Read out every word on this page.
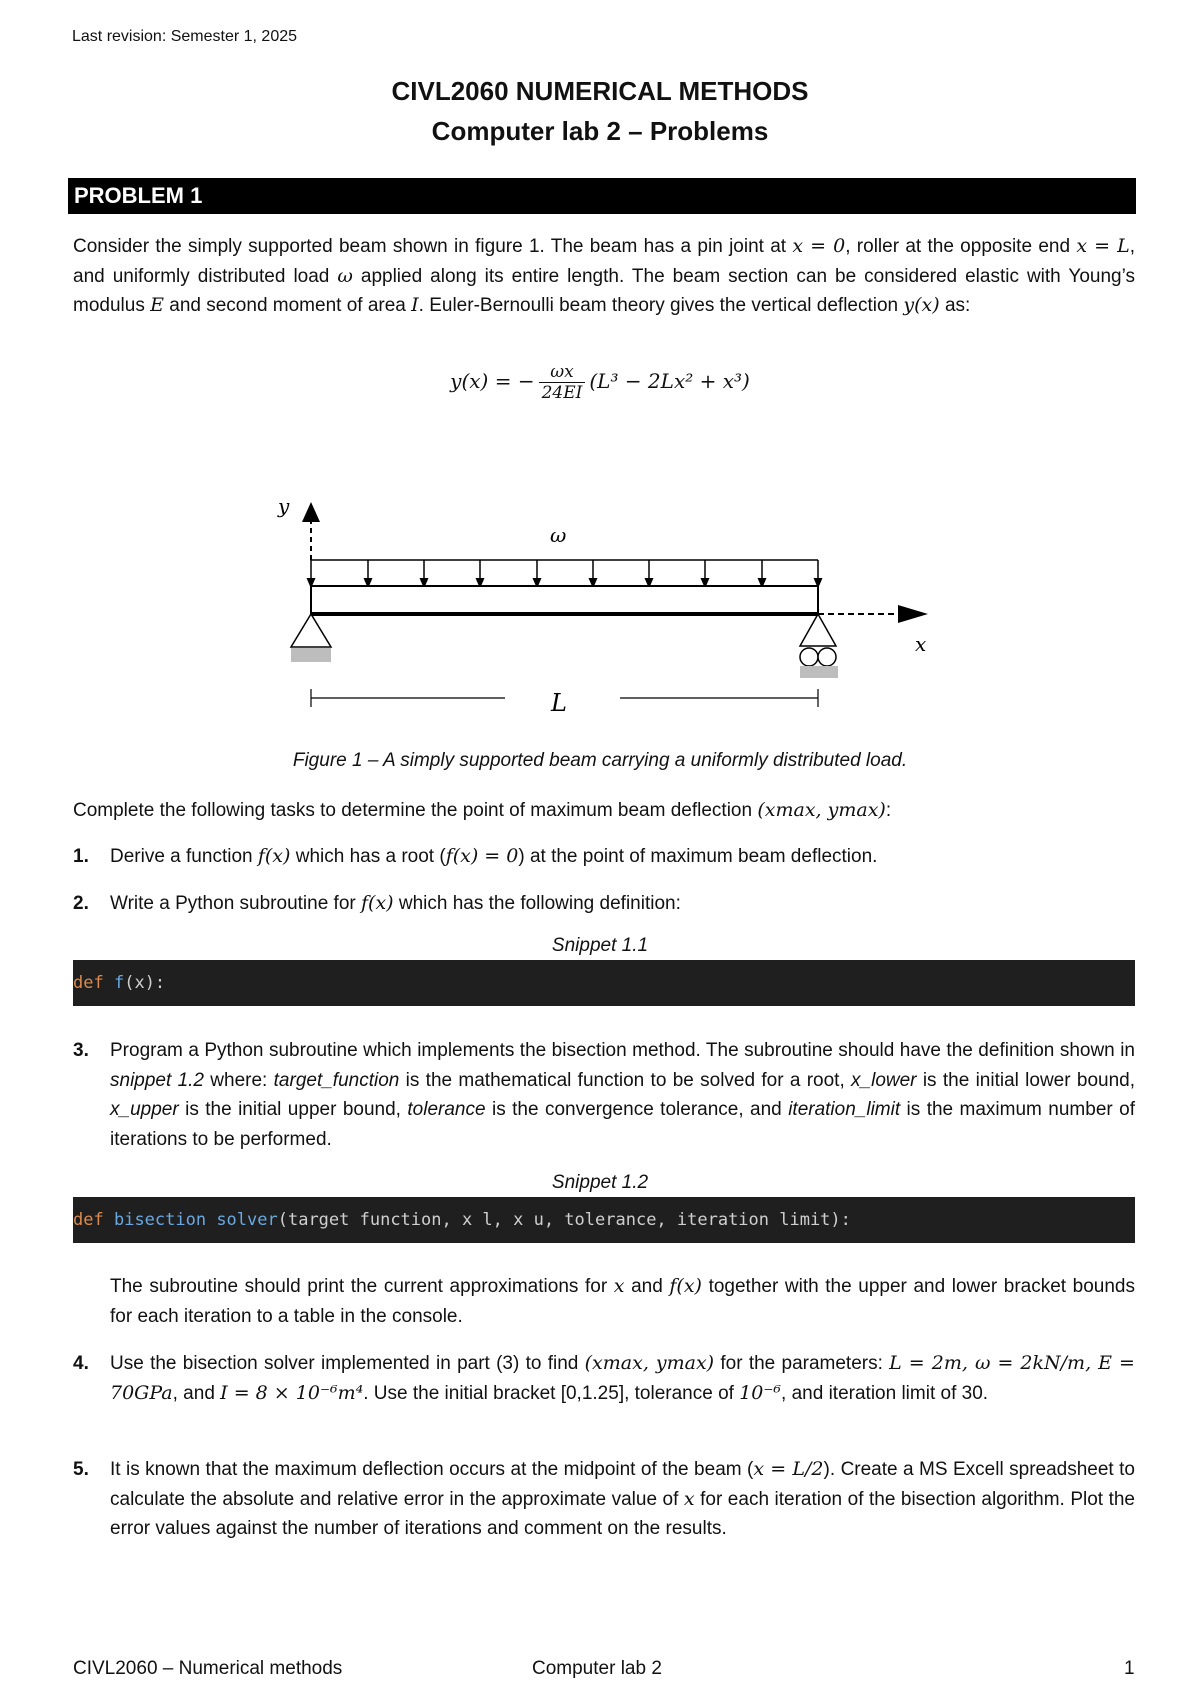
Last revision: Semester 1, 2025
CIVL2060 NUMERICAL METHODS
Computer lab 2 – Problems
PROBLEM 1
Consider the simply supported beam shown in figure 1. The beam has a pin joint at x = 0, roller at the opposite end x = L, and uniformly distributed load ω applied along its entire length. The beam section can be considered elastic with Young’s modulus E and second moment of area I. Euler-Bernoulli beam theory gives the vertical deflection y(x) as:
y(x) = − $\frac{\omega x}{24EI} (L^3 - 2Lx^2 + x^3)$
y
ω
x
L
Figure 1 – A simply supported beam carrying a uniformly distributed load.
Complete the following tasks to determine the point of maximum beam deflection (xmax, ymax):
1. Derive a function f(x) which has a root (f(x) = 0) at the point of maximum beam deflection.
2. Write a Python subroutine for f(x) which has the following definition:
Snippet 1.1
def f(x):
3. Program a Python subroutine which implements the bisection method. The subroutine should have the definition shown in snippet 1.2 where: target_function is the mathematical function to be solved for a root, x_lower is the initial lower bound, x_upper is the initial upper bound, tolerance is the convergence tolerance, and iteration_limit is the maximum number of iterations to be performed.
Snippet 1.2
def bisection solver(target function, x l, x u, tolerance, iteration limit):
The subroutine should print the current approximations for x and f(x) together with the upper and lower bracket bounds for each iteration to a table in the console.
4. Use the bisection solver implemented in part (3) to find (xmax, ymax) for the parameters: L = 2m, ω = 2kN/m, E = 70GPa, and I = 8 × 10⁻⁶m⁴. Use the initial bracket [0,1.25], tolerance of 10⁻⁶, and iteration limit of 30.
5. It is known that the maximum deflection occurs at the midpoint of the beam (x = L/2). Create a MS Excell spreadsheet to calculate the absolute and relative error in the approximate value of x for each iteration of the bisection algorithm. Plot the error values against the number of iterations and comment on the results.
CIVL2060 – Numerical methods	Computer lab 2	1
